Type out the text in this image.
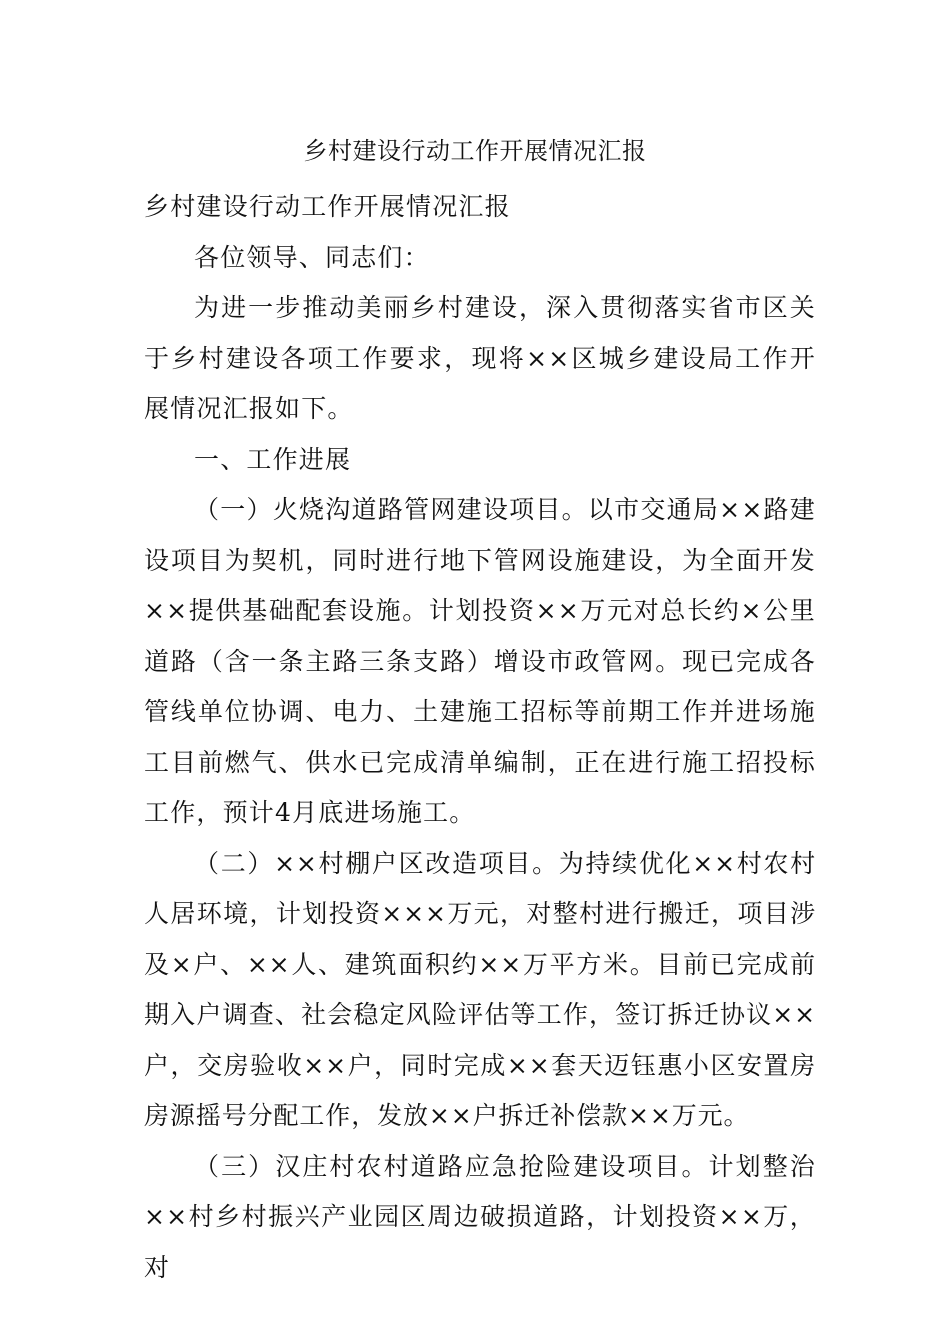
乡村建设行动工作开展情况汇报

乡村建设行动工作开展情况汇报

各位领导、同志们：

为进一步推动美丽乡村建设，深入贯彻落实省市区关于乡村建设各项工作要求，现将××区城乡建设局工作开展情况汇报如下。

一、工作进展

（一）火烧沟道路管网建设项目。以市交通局××路建设项目为契机，同时进行地下管网设施建设，为全面开发××提供基础配套设施。计划投资××万元对总长约×公里道路（含一条主路三条支路）增设市政管网。现已完成各管线单位协调、电力、土建施工招标等前期工作并进场施工目前燃气、供水已完成清单编制，正在进行施工招投标工作，预计4月底进场施工。

（二）××村棚户区改造项目。为持续优化××村农村人居环境，计划投资×××万元，对整村进行搬迁，项目涉及×户、××人、建筑面积约××万平方米。目前已完成前期入户调查、社会稳定风险评估等工作，签订拆迁协议××户，交房验收××户，同时完成××套天迈钰惠小区安置房房源摇号分配工作，发放××户拆迁补偿款××万元。

（三）汉庄村农村道路应急抢险建设项目。计划整治××村乡村振兴产业园区周边破损道路，计划投资××万，对
